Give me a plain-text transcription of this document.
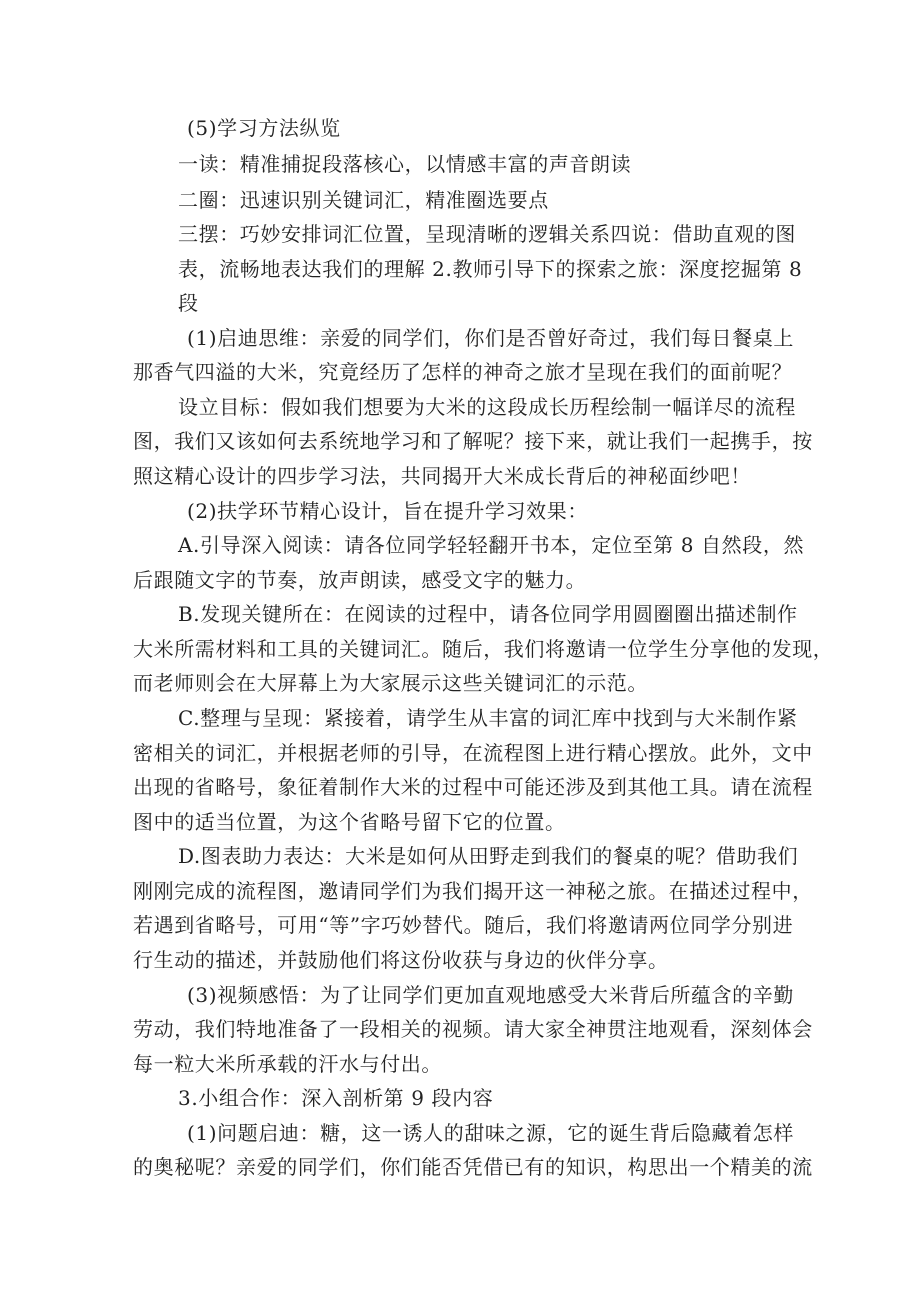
(5)学习方法纵览
一读：精准捕捉段落核心，以情感丰富的声音朗读
二圈：迅速识别关键词汇，精准圈选要点
三摆：巧妙安排词汇位置，呈现清晰的逻辑关系四说：借助直观的图
表，流畅地表达我们的理解 2.教师引导下的探索之旅：深度挖掘第 8
段
(1)启迪思维：亲爱的同学们，你们是否曾好奇过，我们每日餐桌上
那香气四溢的大米，究竟经历了怎样的神奇之旅才呈现在我们的面前呢？
设立目标：假如我们想要为大米的这段成长历程绘制一幅详尽的流程
图，我们又该如何去系统地学习和了解呢？接下来，就让我们一起携手，按
照这精心设计的四步学习法，共同揭开大米成长背后的神秘面纱吧！
(2)扶学环节精心设计，旨在提升学习效果：
A.引导深入阅读：请各位同学轻轻翻开书本，定位至第 8 自然段，然
后跟随文字的节奏，放声朗读，感受文字的魅力。
B.发现关键所在：在阅读的过程中，请各位同学用圆圈圈出描述制作
大米所需材料和工具的关键词汇。随后，我们将邀请一位学生分享他的发现，
而老师则会在大屏幕上为大家展示这些关键词汇的示范。
C.整理与呈现：紧接着，请学生从丰富的词汇库中找到与大米制作紧
密相关的词汇，并根据老师的引导，在流程图上进行精心摆放。此外，文中
出现的省略号，象征着制作大米的过程中可能还涉及到其他工具。请在流程
图中的适当位置，为这个省略号留下它的位置。
D.图表助力表达：大米是如何从田野走到我们的餐桌的呢？借助我们
刚刚完成的流程图，邀请同学们为我们揭开这一神秘之旅。在描述过程中，
若遇到省略号，可用“等”字巧妙替代。随后，我们将邀请两位同学分别进
行生动的描述，并鼓励他们将这份收获与身边的伙伴分享。
(3)视频感悟：为了让同学们更加直观地感受大米背后所蕴含的辛勤
劳动，我们特地准备了一段相关的视频。请大家全神贯注地观看，深刻体会
每一粒大米所承载的汗水与付出。
3.小组合作：深入剖析第 9 段内容
(1)问题启迪：糖，这一诱人的甜味之源，它的诞生背后隐藏着怎样
的奥秘呢？亲爱的同学们，你们能否凭借已有的知识，构思出一个精美的流
